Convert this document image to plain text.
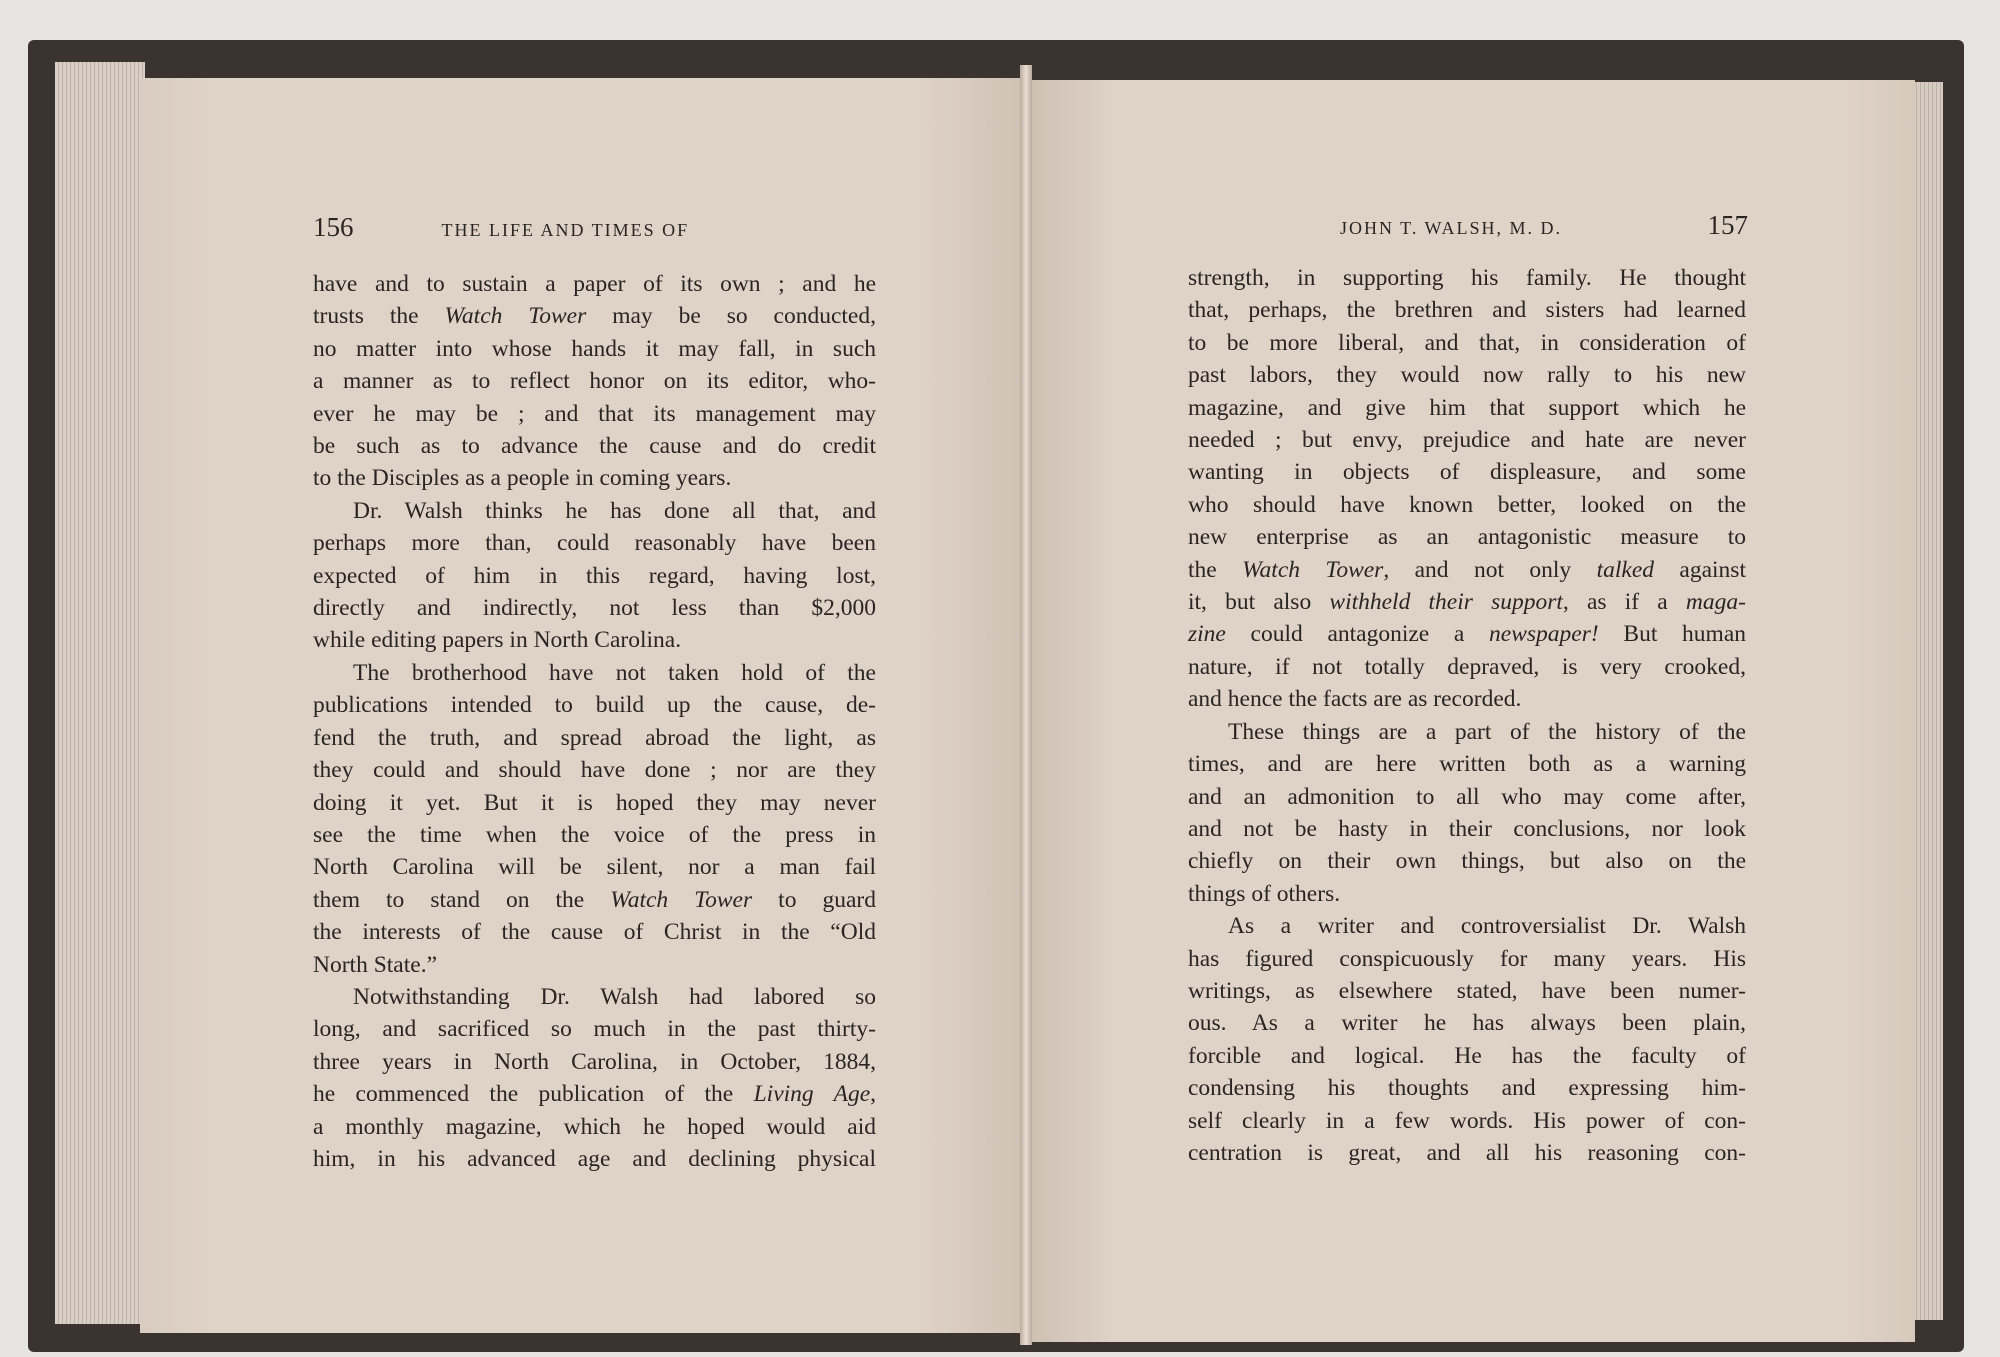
156	THE LIFE AND TIMES OF	JOHN T. WALSH, M. D.	157

have and to sustain a paper of its own ; and he

trusts the Watch Tower may be so conducted,

no matter into whose hands it may fall, in such

a manner as to reflect honor on its editor, who-

ever he may be ; and that its management may

be such as to advance the cause and do credit

to the Disciples as a people in coming years.

Dr. Walsh thinks he has done all that, and

perhaps more than, could reasonably have been

expected of him in this regard, having lost,

directly and indirectly, not less than $2,000

while editing papers in North Carolina.

The brotherhood have not taken hold of the

publications intended to build up the cause, de-

fend the truth, and spread abroad the light, as

they could and should have done ; nor are they

doing it yet. But it is hoped they may never

see the time when the voice of the press in

North Carolina will be silent, nor a man fail

them to stand on the Watch Tower to guard

the interests of the cause of Christ in the “Old

North State.”

Notwithstanding Dr. Walsh had labored so

long, and sacrificed so much in the past thirty-

three years in North Carolina, in October, 1884,

he commenced the publication of the Living Age,

a monthly magazine, which he hoped would aid

him, in his advanced age and declining physical

strength, in supporting his family. He thought

that, perhaps, the brethren and sisters had learned

to be more liberal, and that, in consideration of

past labors, they would now rally to his new

magazine, and give him that support which he

needed ; but envy, prejudice and hate are never

wanting in objects of displeasure, and some

who should have known better, looked on the

new enterprise as an antagonistic measure to

the Watch Tower, and not only talked against

it, but also withheld their support, as if a maga-

zine could antagonize a newspaper! But human

nature, if not totally depraved, is very crooked,

and hence the facts are as recorded.

These things are a part of the history of the

times, and are here written both as a warning

and an admonition to all who may come after,

and not be hasty in their conclusions, nor look

chiefly on their own things, but also on the

things of others.

As a writer and controversialist Dr. Walsh

has figured conspicuously for many years. His

writings, as elsewhere stated, have been numer-

ous. As a writer he has always been plain,

forcible and logical. He has the faculty of

condensing his thoughts and expressing him-

self clearly in a few words. His power of con-

centration is great, and all his reasoning con-
